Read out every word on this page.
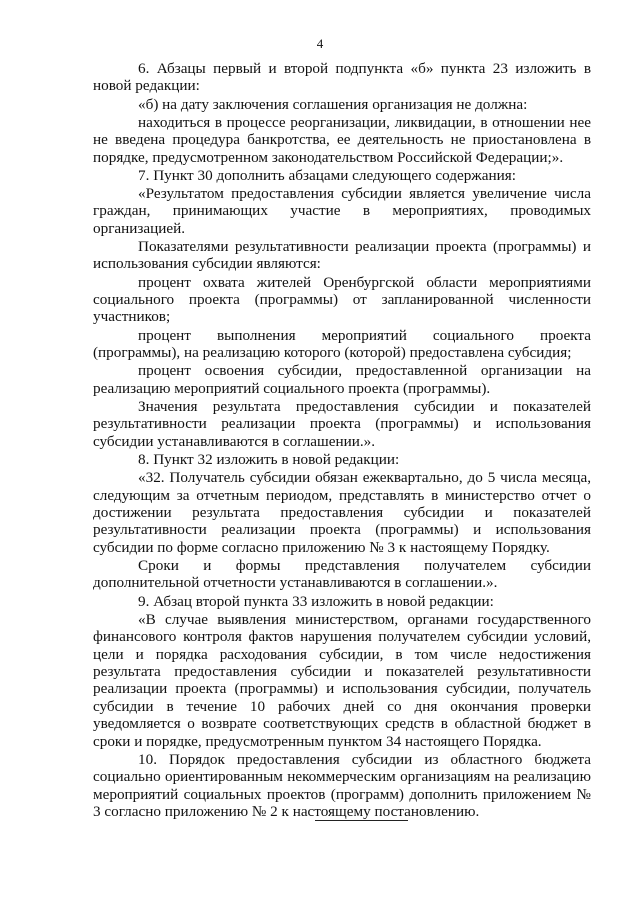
4

6. Абзацы первый и второй подпункта «б» пункта 23 изложить в новой редакции:

«б) на дату заключения соглашения организация не должна:

находиться в процессе реорганизации, ликвидации, в отношении нее не введена процедура банкротства, ее деятельность не приостановлена в порядке, предусмотренном законодательством Российской Федерации;».

7. Пункт 30 дополнить абзацами следующего содержания:

«Результатом предоставления субсидии является увеличение числа граждан, принимающих участие в мероприятиях, проводимых организацией.

Показателями результативности реализации проекта (программы) и использования субсидии являются:

процент охвата жителей Оренбургской области мероприятиями социального проекта (программы) от запланированной численности участников;

процент выполнения мероприятий социального проекта (программы), на реализацию которого (которой) предоставлена субсидия;

процент освоения субсидии, предоставленной организации на реализацию мероприятий социального проекта (программы).

Значения результата предоставления субсидии и показателей результативности реализации проекта (программы) и использования субсидии устанавливаются в соглашении.».

8. Пункт 32 изложить в новой редакции:

«32. Получатель субсидии обязан ежеквартально, до 5 числа месяца, следующим за отчетным периодом, представлять в министерство отчет о достижении результата предоставления субсидии и показателей результативности реализации проекта (программы) и использования субсидии по форме согласно приложению № 3 к настоящему Порядку.

Сроки и формы представления получателем субсидии дополнительной отчетности устанавливаются в соглашении.».

9. Абзац второй пункта 33 изложить в новой редакции:

«В случае выявления министерством, органами государственного финансового контроля фактов нарушения получателем субсидии условий, цели и порядка расходования субсидии, в том числе недостижения результата предоставления субсидии и показателей результативности реализации проекта (программы) и использования субсидии, получатель субсидии в течение 10 рабочих дней со дня окончания проверки уведомляется о возврате соответствующих средств в областной бюджет в сроки и порядке, предусмотренным пунктом 34 настоящего Порядка.

10. Порядок предоставления субсидии из областного бюджета социально ориентированным некоммерческим организациям на реализацию мероприятий социальных проектов (программ) дополнить приложением № 3 согласно приложению № 2 к настоящему постановлению.
